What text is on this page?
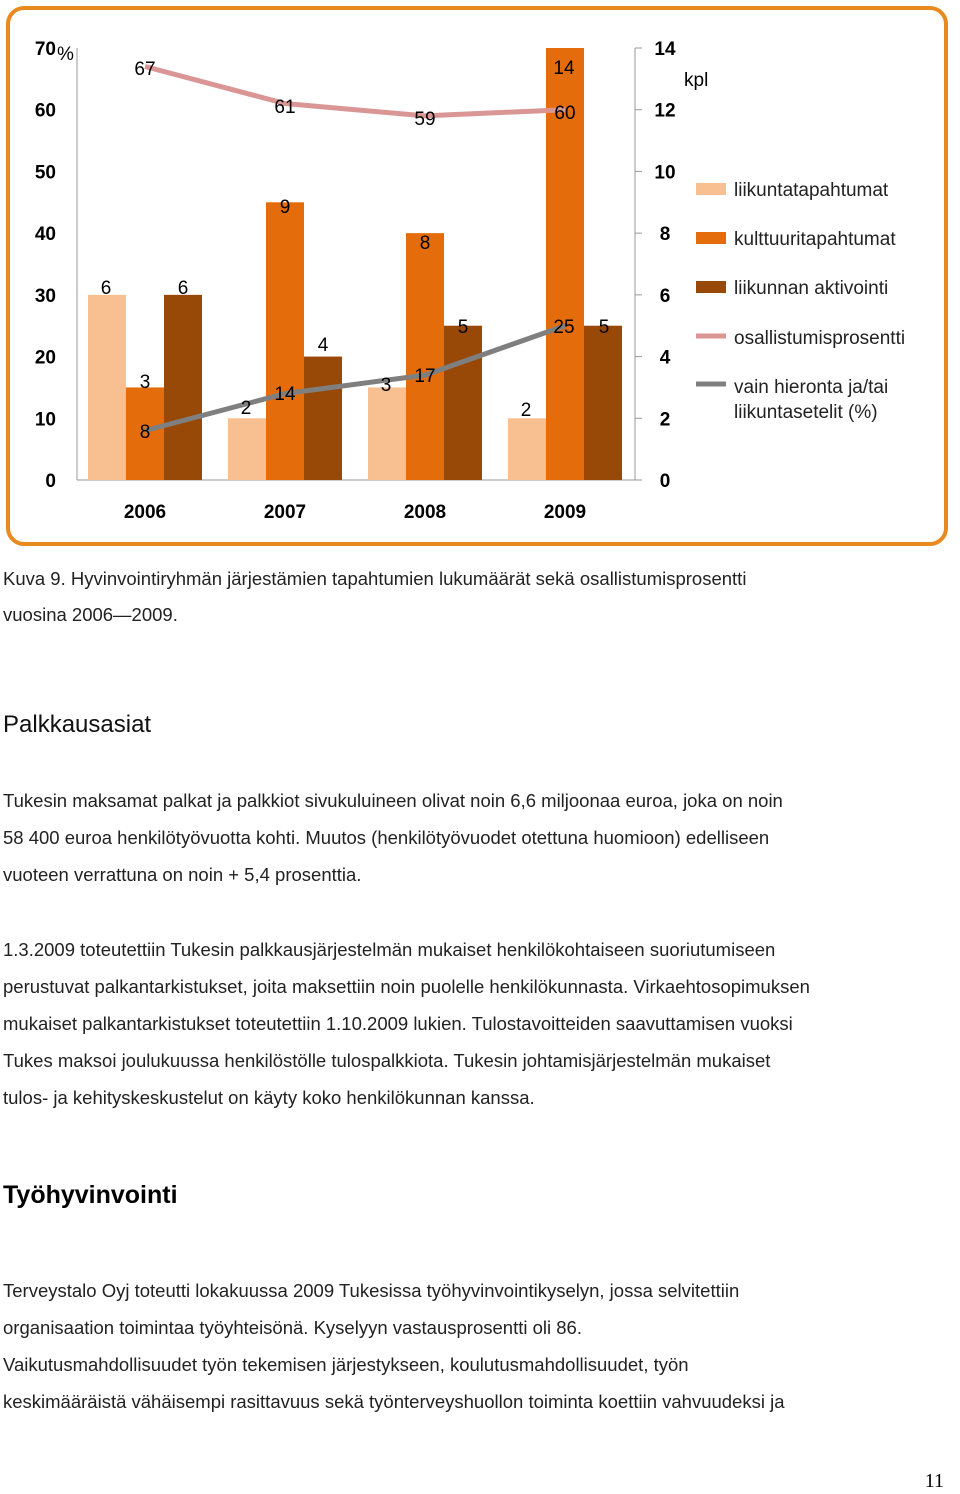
0
10
20
30
40
50
60
70
0
2
4
6
8
10
12
14
%
kpl
6
2
3
2
3
9
8
14
6
4
5	5
67
61
59	60
8
14
17
25
2006	2007	2008	2009
liikuntatapahtumat
kulttuuritapahtumat
liikunnan aktivointi
osallistumisprosentti
vain hieronta ja/tai
liikuntasetelit (%)
Kuva 9. Hyvinvointiryhmän järjestämien tapahtumien lukumäärät sekä osallistumisprosentti
vuosina 2006—2009.
Palkkausasiat
Tukesin maksamat palkat ja palkkiot sivukuluineen olivat noin 6,6 miljoonaa euroa, joka on noin
58 400 euroa henkilötyövuotta kohti. Muutos (henkilötyövuodet otettuna huomioon) edelliseen
vuoteen verrattuna on noin + 5,4 prosenttia.
1.3.2009 toteutettiin Tukesin palkkausjärjestelmän mukaiset henkilökohtaiseen suoriutumiseen
perustuvat palkantarkistukset, joita maksettiin noin puolelle henkilökunnasta. Virkaehtosopimuksen
mukaiset palkantarkistukset toteutettiin 1.10.2009 lukien. Tulostavoitteiden saavuttamisen vuoksi
Tukes maksoi joulukuussa henkilöstölle tulospalkkiota. Tukesin johtamisjärjestelmän mukaiset
tulos- ja kehityskeskustelut on käyty koko henkilökunnan kanssa.
Työhyvinvointi
Terveystalo Oyj toteutti lokakuussa 2009 Tukesissa työhyvinvointikyselyn, jossa selvitettiin
organisaation toimintaa työyhteisönä. Kyselyyn vastausprosentti oli 86.
Vaikutusmahdollisuudet työn tekemisen järjestykseen, koulutusmahdollisuudet, työn
keskimääräistä vähäisempi rasittavuus sekä työnterveyshuollon toiminta koettiin vahvuudeksi ja
11
